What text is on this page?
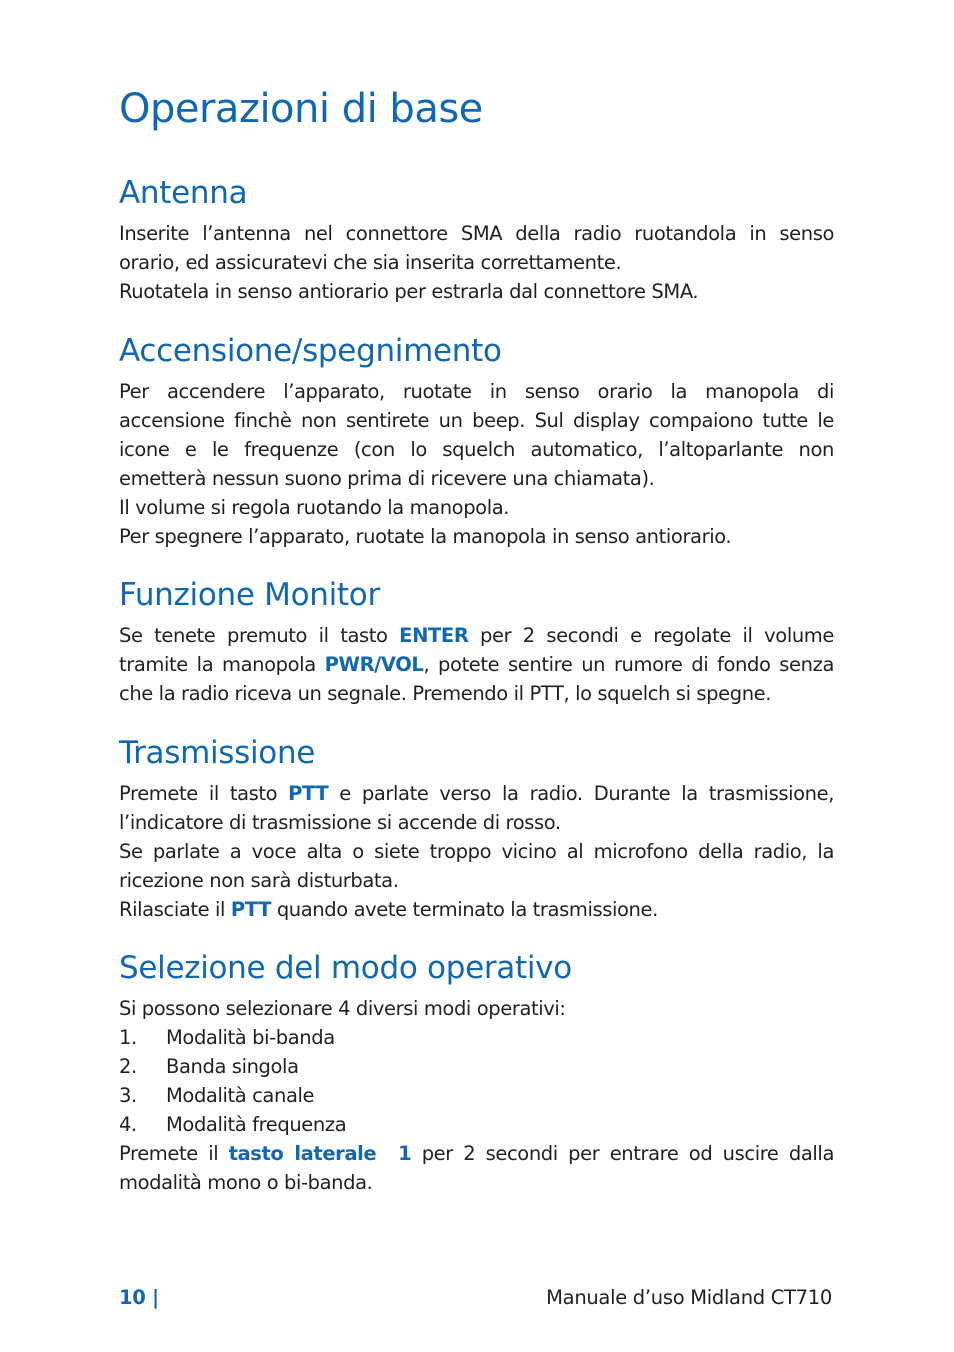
Operazioni di base
Antenna

Inserite l’antenna nel connettore SMA della radio ruotandola in senso orario, ed assicuratevi che sia inserita correttamente.

Ruotatela in senso antiorario per estrarla dal connettore SMA.

Accensione/spegnimento

Per accendere l’apparato, ruotate in senso orario la manopola di accensione finchè non sentirete un beep. Sul display compaiono tutte le icone e le frequenze (con lo squelch automatico, l’altoparlante non emetterà nessun suono prima di ricevere una chiamata).

Il volume si regola ruotando la manopola.

Per spegnere l’apparato, ruotate la manopola in senso antiorario.

Funzione Monitor

Se tenete premuto il tasto ENTER per 2 secondi e regolate il volume tramite la manopola PWR/VOL, potete sentire un rumore di fondo senza che la radio riceva un segnale. Premendo il PTT, lo squelch si spegne.

Trasmissione

Premete il tasto PTT e parlate verso la radio. Durante la trasmissione, l’indicatore di trasmissione si accende di rosso.

Se parlate a voce alta o siete troppo vicino al microfono della radio, la ricezione non sarà disturbata.

Rilasciate il PTT quando avete terminato la trasmissione.

Selezione del modo operativo

Si possono selezionare 4 diversi modi operativi:

1.	Modalità bi-banda
2.	Banda singola
3.	Modalità canale
4.	Modalità frequenza

Premete il tasto laterale  1 per 2 secondi per entrare od uscire dalla modalità mono o bi-banda.

10 |	Manuale d’uso Midland CT710
